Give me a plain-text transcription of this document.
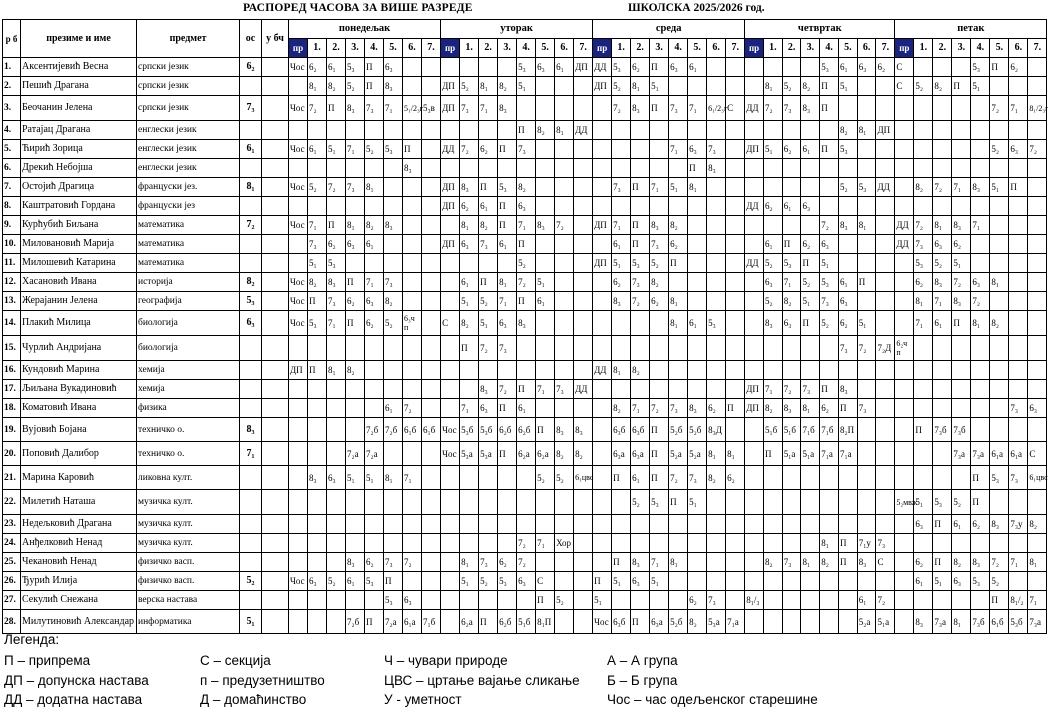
РАСПОРЕД ЧАСОВА ЗА ВИШЕ РАЗРЕДЕ	ШКОЛСКА 2025/2026 год.
р б	презиме и име	предмет	ос	у бч	понедељак								уторак								среда								четвртак								петак							
					пр	1.	2.	3.	4.	5.	6.	7.	пр	1.	2.	3.	4.	5.	6.	7.	пр	1.	2.	3.	4.	5.	6.	7.	пр	1.	2.	3.	4.	5.	6.	7.	пр	1.	2.	3.	4.	5.	6.	7.
1.	Аксентијевић Весна	српски језик	6₂		Чос	6₂	6₁	5₃	П	6₃							5₃	6₃	6₁	ДП	ДД	5₃	6₂	П	6₃	6₁							5₃	6₁	6₃	6₂	С				5₃	П	6₂	
2.	Пешић Драгана	српски језик				8₁	8₂	5₂	П	8₃			ДП	5₂	8₁	8₂	5₁				ДП	5₂	8₁	5₁						8₁	5₂	8₂	П	5₁			С	5₂	8₂	П	5₁			
3.	Беочанин Јелена	српски језик	7₃		Чос	7₂	П	8₃	7₃	7₁	5₁/2₃г	5₃в	ДП	7₃	7₁	8₃						7₂	8₃	П	7₃	7₁	6₁/2₃г	С	ДД	7₂	7₃	8₃	П									7₂	7₁	8₁/2₃г
4.	Ратајац Драгана	енглески језик															П	8₂	8₁	ДД														8₂	8₁	ДП								
5.	Ћирић Зорица	енглески језик	6₁		Чос	6₁	5₁	7₁	5₂	5₃	П		ДД	7₂	6₂	П	7₃								7₁	6₃	7₃		ДП	5₁	6₂	6₁	П	5₃								5₂	6₃	7₂
6.	Дрекић Небојша	енглески језик									8₃															П	8₃																	
7.	Остојић Драгица	француски јез.	8₁		Чос	5₂	7₂	7₃	8₁				ДП	8₃	П	5₃	8₂					7₃	П	7₁	5₁	8₁								5₂	5₃	ДД		8₂	7₂	7₁	8₃	5₁	П	
8.	Каштратовић Гордана	француски јез											ДП	6₂	6₁	П	6₃												ДД	6₂	6₁	6₃												
9.	Курћубић Биљана	математика	7₂		Чос	7₁	П	8₁	8₂	8₃				8₁	8₂	П	7₁	8₃	7₂		ДП	7₁	П	8₃	8₂								7₂	8₃	8₁		ДД	7₂	8₁	8₃	7₁			
10.	Миловановић Марија	математика				7₃	6₂	6₃	6₁				ДП	6₃	7₃	6₁	П					6₁	П	7₃	6₂					6₁	П	6₂	6₃				ДД	7₃	6₃	6₂				
11.	Милошевић Катарина	математика				5₁	5₃										5₂				ДП	5₁	5₃	5₂	П				ДД	5₂	5₃	П	5₁					5₃	5₂	5₁				
12.	Хасановић Ивана	историја	8₂		Чос	8₂	8₃	П	7₁	7₃				6₁	П	8₁	7₂	5₁				6₂	7₃	8₂						6₃	7₁	5₂	5₃	6₁	П			6₂	8₃	7₂	6₃	8₁		
13.	Жерајанин Јелена	географија	5₃		Чос	П	7₃	6₂	6₃	8₂				5₁	5₂	7₁	П	6₁				8₃	7₂	6₂	8₁					5₂	8₂	5₁	7₃	6₃				8₁	7₁	8₃	7₂			
14.	Плакић Милица	биологија	6₃		Чос	5₃	7₁	П	6₂	5₂	6₃ч п		С	8₂	5₁	6₃	8₃								8₁	6₁	5₃			8₃	6₃	П	5₂	6₂	5₁			7₁	6₁	П	8₁	8₂		
15.	Чурлић Андријана	биологија												П	7₂	7₃																		7₃	7₂	7₂Д	6₂ч п							
16.	Кундовић Марина	хемија			ДП	П	8₁	8₂													ДД	8₁	8₂																					
17.	Љиљана Вукадиновић	хемија													8₃	7₂	П	7₁	7₃	ДД									ДП	7₁	7₂	7₃	П	8₃										
18.	Коматовић Ивана	физика								6₁	7₂			7₁	6₃	П	6₁					8₂	7₁	7₂	7₃	8₃	6₂	П	ДП	8₂	8₃	8₁	6₂	П	7₃								7₃	6₃
19.	Вујовић Бојана	техничко о.	8₃						7₂б	7₂б	6₁б	6₁б	Чос	5₃б	5₃б	6₂б	6₂б	П	8₃	8₃		6₃б	6₃б	П	5₂б	5₂б	8₃Д			5₁б	5₁б	7₁б	7₁б	8₂П				П	7₃б	7₃б				
20.	Поповић Далибор	техничко о.	7₁					7₂а	7₂а				Чос	5₃а	5₃а	П	6₂а	6₂а	8₂	8₂		6₃а	6₃а	П	5₂а	5₂а	8₁	8₁		П	5₁а	5₁а	7₁а	7₁а						7₃а	7₃а	6₁а	6₁а	С
21.	Марина Каровић	ликовна култ.				8₃	6₃	5₁	5₁	8₁	7₁							5₂	5₂	6₁цвс		П	6₁	П	7₂	7₃	8₂	6₂													П	5₃	7₃	6₁цвс
22.	Милетић Наташа	музичка култ.																					5₂	5₃	П	5₁											5₂мвж	5₁	5₃	5₂	П			
23.	Недељковић Драгана	музичка култ.																																				6₃	П	6₁	6₂	8₃	7₃у	8₂
24.	Анђелковић Ненад	музичка култ.															7₂	7₁	Хор														8₁	П	7₁у	7₃								
25.	Чекановић Ненад	физичко васп.						8₃	6₂	7₃	7₂			8₁	7₃	6₂	7₂					П	8₃	7₁	8₁					8₂	7₃	8₁	8₂	П	8₃	С		6₂	П	8₂	8₃	7₂	7₁	8₁
26.	Ђурић Илија	физичко васп.	5₂		Чос	6₃	5₂	6₁	5₃	П				5₁	5₂	5₃	6₃	С			П	5₁	6₃	5₁														6₁	5₁	6₃	5₃	5₂		
27.	Секулић Снежана	верска настава								5₃	6₃							П	5₂		5₁					6₂	7₃		8₁/₃						6₁	7₂						П	8₁/₂	7₁
28.	Милутиновић Александар	информатика	5₁					7₂б	П	7₂а	6₁а	7₁б		6₂а	П	6₂б	5₁б	8₁П			Чос	6₃б	П	6₃а	5₂б	8₂	5₃а	7₁а							5₂а	5₁а		8₃	7₃а	8₁	7₃б	6₁б	5₃б	7₃а
Легенда:
П – припрема	С – секција	Ч – чувари природе	А – А група
ДП – допунска настава	п – предузетништво	ЦВС – цртање вајање сликање Б – Б група
ДД – додатна настава	Д – домаћинство	У - уметност	Чос – час одељенског старешине
